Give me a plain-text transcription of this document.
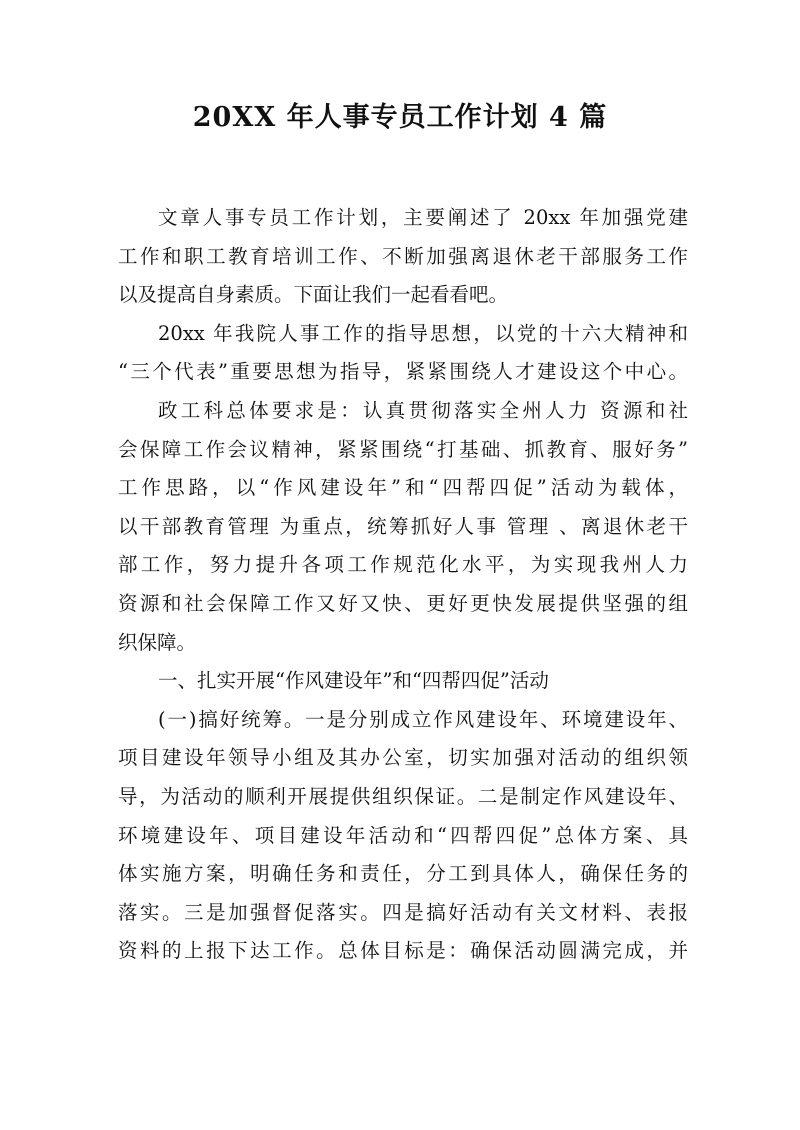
20XX 年人事专员工作计划 4 篇
文章人事专员工作计划，主要阐述了 20xx 年加强党建
工作和职工教育培训工作、不断加强离退休老干部服务工作
以及提高自身素质。下面让我们一起看看吧。
20xx 年我院人事工作的指导思想，以党的十六大精神和
“三个代表”重要思想为指导，紧紧围绕人才建设这个中心。
政工科总体要求是：认真贯彻落实全州人力 资源和社
会保障工作会议精神，紧紧围绕“打基础、抓教育、服好务”
工作思路，以“作风建设年”和“四帮四促”活动为载体，
以干部教育管理 为重点，统筹抓好人事 管理 、离退休老干
部工作，努力提升各项工作规范化水平，为实现我州人力
资源和社会保障工作又好又快、更好更快发展提供坚强的组
织保障。
一、扎实开展“作风建设年”和“四帮四促”活动
(一)搞好统筹。一是分别成立作风建设年、环境建设年、
项目建设年领导小组及其办公室，切实加强对活动的组织领
导，为活动的顺利开展提供组织保证。二是制定作风建设年、
环境建设年、项目建设年活动和“四帮四促”总体方案、具
体实施方案，明确任务和责任，分工到具体人，确保任务的
落实。三是加强督促落实。四是搞好活动有关文材料、表报
资料的上报下达工作。总体目标是：确保活动圆满完成，并
